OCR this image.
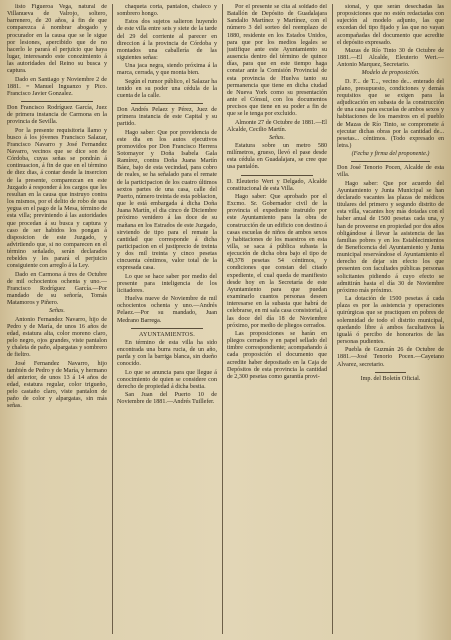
listo Figueroa Vega, natural de Villanueva de Valrojo, soltero, barrenero, de 20 años, á fin de que comparezca á nombrar abogado y procurador en la causa que se le sigue por lesiones, apercibido que de no hacerlo le parará el perjuicio que haya lugar, interesando este conozimiento á las autoridades del Reino su busca y captura.

Dado en Santiago y Noviembre 2 de 1881. = Manuel Inguanzo y Pico. Francisco Javier Gonzalez.

Don Francisco Rodríguez García, Juez de primera instancia de Carmona en la provincia de Sevilla.

Por la presente requisitoria llamo y busco á los jóvenes Francisco Salazar, Francisco Navarro y José Fernandez Navarro, vecinos que se dice son de Córdoba, cuyas señas se pondrán á continuacion, á fin de que en el término de diez dias, á contar desde la insercion de la presente, comparezcan en este Juzgado á responder á los cargos que les resultan en la causa que instruyo contra los mismos, por el delito de robo de una yegua en el pago de la Mesa, término de esta villa; previniendo á las autoridades que procedan á su busca y captura y caso de ser habidos los pongan á disposicion de este Juzgado, y advirtiendo que, si no comparecen en el término señalado, serán declarados rebeldes y les parará el perjuicio consiguiente con arreglo á la Ley.

Dado en Carmona á tres de Octubre de mil ochocientos ochenta y uno.—Francisco Rodríguez García.—Por mandado de su señoría, Tomás Matamoros y Piñero.

Señas.

Antonio Fernandez Navarro, hijo de Pedro y de María, de unos 16 años de edad, estatura alta, color moreno claro, pelo negro, ojos grandes, viste pantalon y chaleta de paño, alpargatas y sombrero de fieltro.

José Fernandez Navarro, hijo también de Pedro y de María, y hermano del anterior, de unos 13 á 14 años de edad, estatura regular, color trigueño, pelo castaño claro, viste pantalon de paño de color y alpargatas, sin más señas.

chaqueta corta, pantalon, chaleco y sombrero hongo.

Estos dos sujetos salieron huyendo de este villa entre seis y siete de la tarde del 29 del corriente al parecer en direccion á la provincia de Córdoba y montados una caballería de las siguientes señas:

Una jaca negra, siendo próxima á la marca, cerrada, y que monta bien.

Según el rumor público, el Salazar ha tenido en su poder una cédula de la cuenta de la calle.

Don Andrés Pelaez y Pérez, Juez de primera instancia de este Capital y su partido.

Hago saber: Que por providencia de este dia en los autos ejecutivos promovidos por Don Francisco Herrera Sotomayor y Doña Isabela Gala Ramírez, contra Doña Juana Martín Báez, bajo de esta vecindad, para cobro de reales, se ha señalado para el remate de la participacion de los cuatro últimos sextos partes de una casa, calle del Puerto, número treinta de esta poblacion, que le está embargada á dicha Doña Juana Martín, el dia cinco de Diciembre próximo venidero á las doce de su mañana en los Estrados de este Juzgado, sirviendo de tipo para el remate la cantidad que corresponde á dicha participacion en el justiprecio de treinta y dos mil treinta y cinco pesetas cincuenta céntimos, valor total de la expresada casa.

Lo que se hace saber por medio del presente para inteligencia de los licitadores.

Huelva nueve de Noviembre de mil ochocientos ochenta y uno.—Andrés Pelaez.—Por su mandado, Juan Medrano Barrega.

AYUNTAMIENTOS.

En término de esta villa ha sido encontrada una burra rucia, de un año, parda y con la barriga blanca, sin dueño conocido.

Lo que se anuncia para que llegue á conocimiento de quien se considere con derecho de propiedad á dicha bestia.

San Juan del Puerto 10 de Noviembre de 1881.—Andrés Tuillefer.

Por el presente se cita al soldado del Batallón de Depósito de Guadalajara Sandalio Martínez y Martínez, con el número 3 del sorteo del reemplazo de 1880, residente en los Estados Unidos, para que por los medios legales se justifique ante este Ayuntamiento su ausencia dentro del término de quince días, para que en este tiempo haga constar ante la Comisión Provincial de esta provincia de Huelva tanto su permanencia que tiene en dicha ciudad de Nueva York como su presentación ante el Cónsul, con los documentos precisos que tiene en su poder a fin de que se le tenga por excluido.

Almonte 27 de Octubre de 1881.—El Alcalde, Cecilio Martín.

Señas.

Estatura sobre un metro 580 milímetros, grueso, llevó el pase desde esta cédula en Guadalajara, se cree que usa pantalón.

D. Eleuterio Wert y Delgado, Alcalde constitucional de esta Villa.

Hago saber: Que aprobado por el Excmo. Sr. Gobernador civil de la provincia el expediente instruido por este Ayuntamiento para la obra de construcción de un edificio con destino á casas escuelas de niños de ambos sexos y habitaciones de los maestros en esta villa, se saca á pública subasta la ejecución de dicha obra bajo el tipo de 40,378 pesetas 54 céntimos, y condiciones que constan del citado expediente, el cual queda de manifiesto desde hoy en la Secretaría de este Ayuntamiento para que puedan examinarlo cuantos personas deseen interesarse en la subasta que habrá de celebrarse, en mi sala casa consistorial, á las doce del día 18 de Noviembre próximo, por medio de pliegos cerrados.

Las proposiciones se harán en pliegos cerrados y en papel sellado del timbre correspondiente; acompañando á cada proposición el documento que acredite haber depositado en la Caja de Depósitos de esta provincia la cantidad de 2,300 pesetas como garantía provi-

sional, y que serán desechadas las proposiciones que no estén redactadas con sujeción al modelo adjunto, las que excedan del tipo fijado y las que no vayan acompañadas del documento que acredite el depósito expresado.

Mazas de Río Tinto 30 de Octubre de 1881.—El Alcalde, Eleuterio Wert.—Antonio Marquez, Secretario.

Modelo de proposición.

D. F... de T..., vecino de... enterado del plano, presupuesto, condiciones y demás requisitos que se exigen para la adjudicación en subasta de la construcción de una casa para escuelas de ambos sexos y habitaciones de los maestros en el pueblo de Mazas de Río Tinto, se compromete á ejecutar dichas obras por la cantidad de... pesetas... céntimos. (Todo expresado en letra.)

(Fecha y firma del proponente.)

Don José Tenorio Pocen, Alcalde de esta villa.

Hago saber: Que por acuerdo del Ayuntamiento y Junta Municipal se han declarado vacantes las plazas de médicos titulares del primero y segundo distrito de esta villa, vacantes hoy más dotadas con el haber anual de 1500 pesetas cada una, y han de proveerse en propiedad por dos años obligándose á llevar la asistencia de las familias pobres y en los Establecimientos de Beneficencia del Ayuntamiento y Junta municipal reservándose el Ayuntamiento el derecho de dejar sin efecto los que presenten con facultades públicas personas solicitantes pidiendo á cuyo efecto se admitirán hasta el día 30 de Noviembre próximo más próximo.

La dotación de 1500 pesetas á cada plaza es por la asistencia y operaciones quirúrgicas que se practiquen en pobres de solemnidad de todo el distrito municipal, quedando libre á ambos facultativos la igualá ó percibo de honorarios de las personas pudientes.

Puebla de Guzmán 26 de Octubre de 1881.—José Tenorio Pocen.—Cayetano Alvarez, secretario.

Imp. del Boletín Oficial.
